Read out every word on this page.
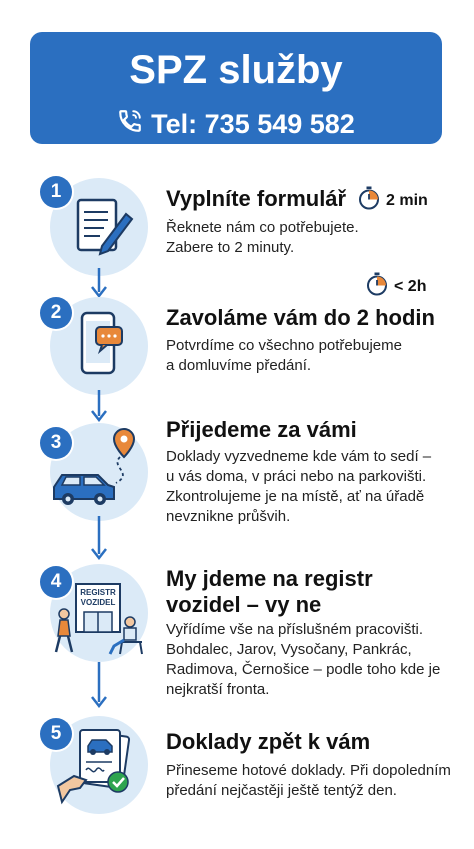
SPZ služby
Tel: 735 549 582
1	Vyplníte formulář 2 min
Řeknete nám co potřebujete.
Zabere to 2 minuty.
2
< 2h
Zavoláme vám do 2 hodin
Potvrdíme co všechno potřebujeme
a domluvíme předání.
3
Přijedeme za vámi
Doklady vyzvedneme kde vám to sedí –
u vás doma, v práci nebo na parkovišti.
Zkontrolujeme je na místě, ať na úřadě
nevznikne průšvih.
4
REGISTR
VOZIDEL
My jdeme na registr
vozidel – vy ne
Vyřídíme vše na příslušném pracovišti.
Bohdalec, Jarov, Vysočany, Pankrác,
Radimova, Černošice – podle toho kde je
nejkratší fronta.
5	Doklady zpět k vám
Přineseme hotové doklady. Při dopoledním
předání nejčastěji ještě tentýž den.
